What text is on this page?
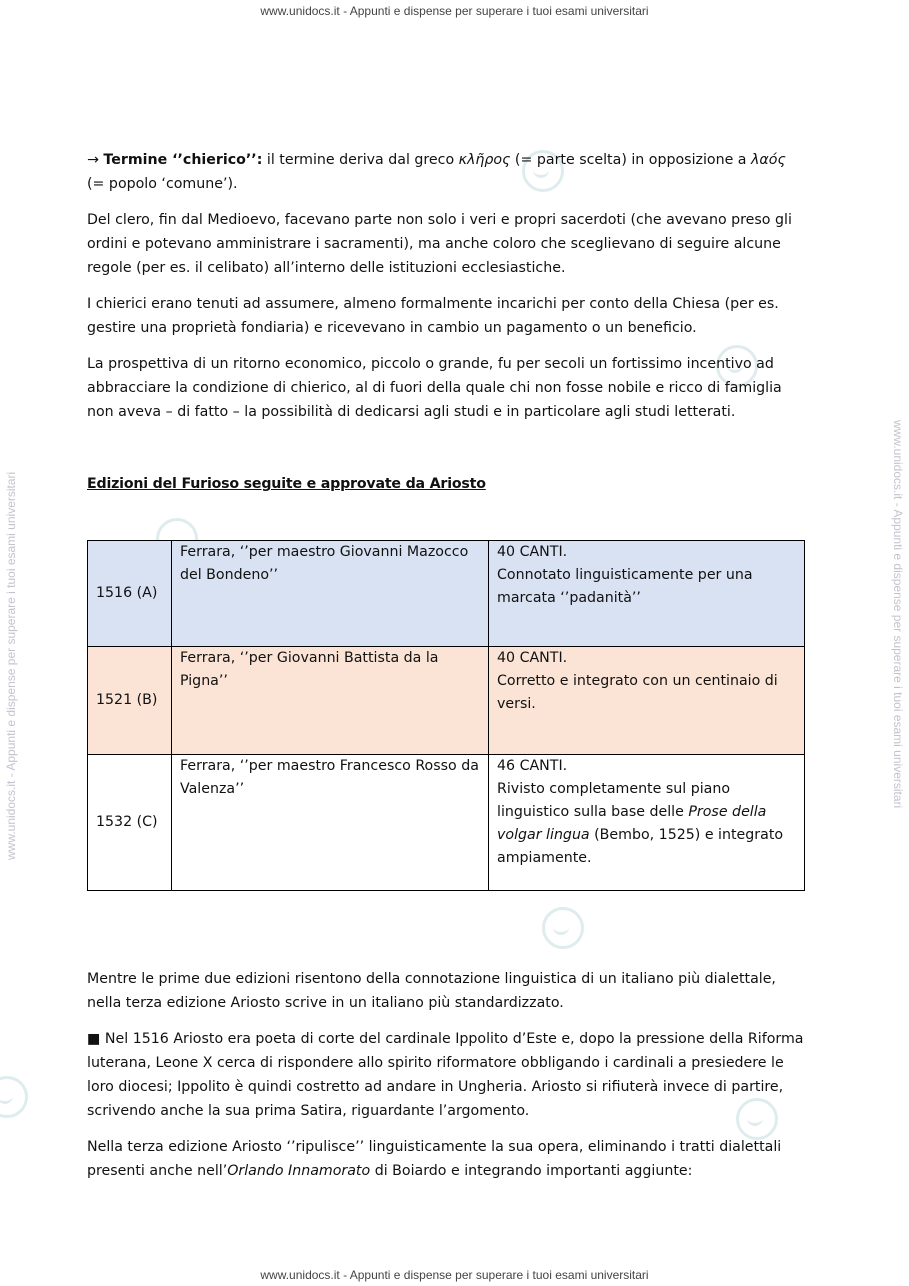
www.unidocs.it - Appunti e dispense per superare i tuoi esami universitari
www.unidocs.it - Appunti e dispense per superare i tuoi esami universitari
www.unidocs.it - Appunti e dispense per superare i tuoi esami universitari	www.unidocs.it - Appunti e dispense per superare i tuoi esami universitari

→ Termine ‘’chierico’’: il termine deriva dal greco κλῆρος (= parte scelta) in opposizione a λαός (= popolo ‘comune’).

Del clero, fin dal Medioevo, facevano parte non solo i veri e propri sacerdoti (che avevano preso gli ordini e potevano amministrare i sacramenti), ma anche coloro che sceglievano di seguire alcune regole (per es. il celibato) all’interno delle istituzioni ecclesiastiche.

I chierici erano tenuti ad assumere, almeno formalmente incarichi per conto della Chiesa (per es. gestire una proprietà fondiaria) e ricevevano in cambio un pagamento o un beneficio.

La prospettiva di un ritorno economico, piccolo o grande, fu per secoli un fortissimo incentivo ad abbracciare la condizione di chierico, al di fuori della quale chi non fosse nobile e ricco di famiglia non aveva – di fatto – la possibilità di dedicarsi agli studi e in particolare agli studi letterati.

Edizioni del Furioso seguite e approvate da Ariosto

1516 (A)	Ferrara, ‘’per maestro Giovanni Mazocco del Bondeno’’	40 CANTI.
Connotato linguisticamente per una marcata ‘’padanità’’

1521 (B)	Ferrara, ‘’per Giovanni Battista da la Pigna’’	40 CANTI.
Corretto e integrato con un centinaio di versi.

1532 (C)	Ferrara, ‘’per maestro Francesco Rosso da Valenza’’	46 CANTI.
Rivisto completamente sul piano linguistico sulla base delle Prose della volgar lingua (Bembo, 1525) e integrato ampiamente.

Mentre le prime due edizioni risentono della connotazione linguistica di un italiano più dialettale, nella terza edizione Ariosto scrive in un italiano più standardizzato.

■ Nel 1516 Ariosto era poeta di corte del cardinale Ippolito d’Este e, dopo la pressione della Riforma luterana, Leone X cerca di rispondere allo spirito riformatore obbligando i cardinali a presiedere le loro diocesi; Ippolito è quindi costretto ad andare in Ungheria. Ariosto si rifiuterà invece di partire, scrivendo anche la sua prima Satira, riguardante l’argomento.

Nella terza edizione Ariosto ‘’ripulisce’’ linguisticamente la sua opera, eliminando i tratti dialettali presenti anche nell’Orlando Innamorato di Boiardo e integrando importanti aggiunte:
